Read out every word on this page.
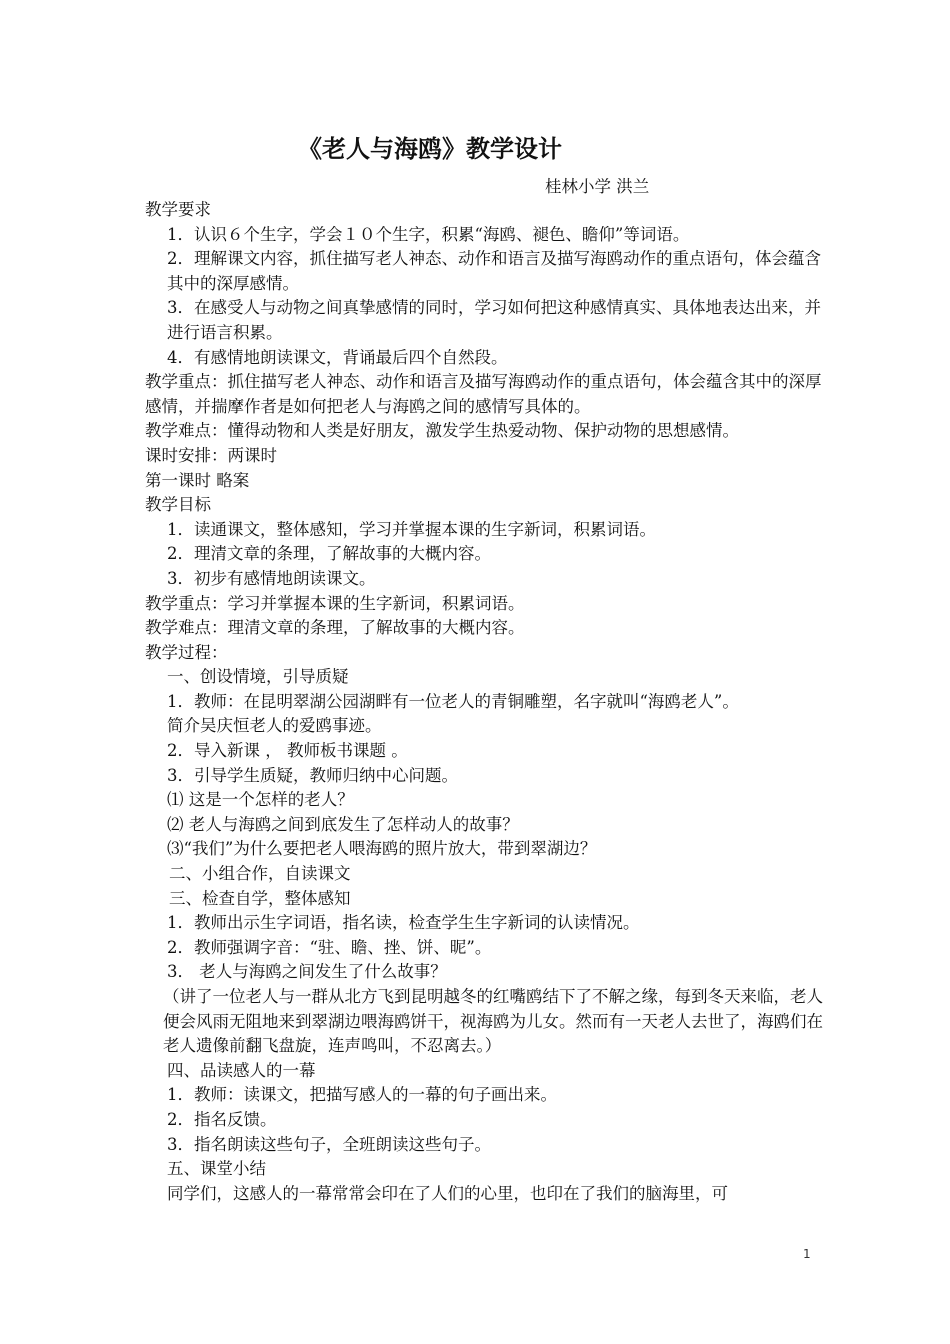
《老人与海鸥》教学设计
桂林小学 洪兰
教学要求
1．认识６个生字，学会１０个生字，积累“海鸥、褪色、瞻仰”等词语。
2．理解课文内容，抓住描写老人神态、动作和语言及描写海鸥动作的重点语句，体会蕴含其中的深厚感情。
3．在感受人与动物之间真挚感情的同时，学习如何把这种感情真实、具体地表达出来，并进行语言积累。
4．有感情地朗读课文，背诵最后四个自然段。
教学重点：抓住描写老人神态、动作和语言及描写海鸥动作的重点语句，体会蕴含其中的深厚感情，并揣摩作者是如何把老人与海鸥之间的感情写具体的。
教学难点：懂得动物和人类是好朋友，激发学生热爱动物、保护动物的思想感情。
课时安排：两课时
第一课时 略案
教学目标
1．读通课文，整体感知，学习并掌握本课的生字新词，积累词语。
2．理清文章的条理，了解故事的大概内容。
3．初步有感情地朗读课文。
教学重点：学习并掌握本课的生字新词，积累词语。
教学难点：理清文章的条理，了解故事的大概内容。
教学过程：
一、创设情境，引导质疑
1．教师：在昆明翠湖公园湖畔有一位老人的青铜雕塑，名字就叫“海鸥老人”。
简介吴庆恒老人的爱鸥事迹。
2．导入新课 ， 教师板书课题 。
3．引导学生质疑，教师归纳中心问题。
⑴ 这是一个怎样的老人？
⑵ 老人与海鸥之间到底发生了怎样动人的故事？
⑶“我们”为什么要把老人喂海鸥的照片放大，带到翠湖边？
二、小组合作，自读课文
三、检查自学，整体感知
1．教师出示生字词语，指名读，检查学生生字新词的认读情况。
2．教师强调字音：“驻、瞻、挫、饼、昵”。
3． 老人与海鸥之间发生了什么故事？
（讲了一位老人与一群从北方飞到昆明越冬的红嘴鸥结下了不解之缘，每到冬天来临，老人便会风雨无阻地来到翠湖边喂海鸥饼干，视海鸥为儿女。然而有一天老人去世了，海鸥们在老人遗像前翻飞盘旋，连声鸣叫，不忍离去。）
四、品读感人的一幕
1．教师：读课文，把描写感人的一幕的句子画出来。
2．指名反馈。
3．指名朗读这些句子，全班朗读这些句子。
五、课堂小结
同学们，这感人的一幕常常会印在了人们的心里，也印在了我们的脑海里，可
1
